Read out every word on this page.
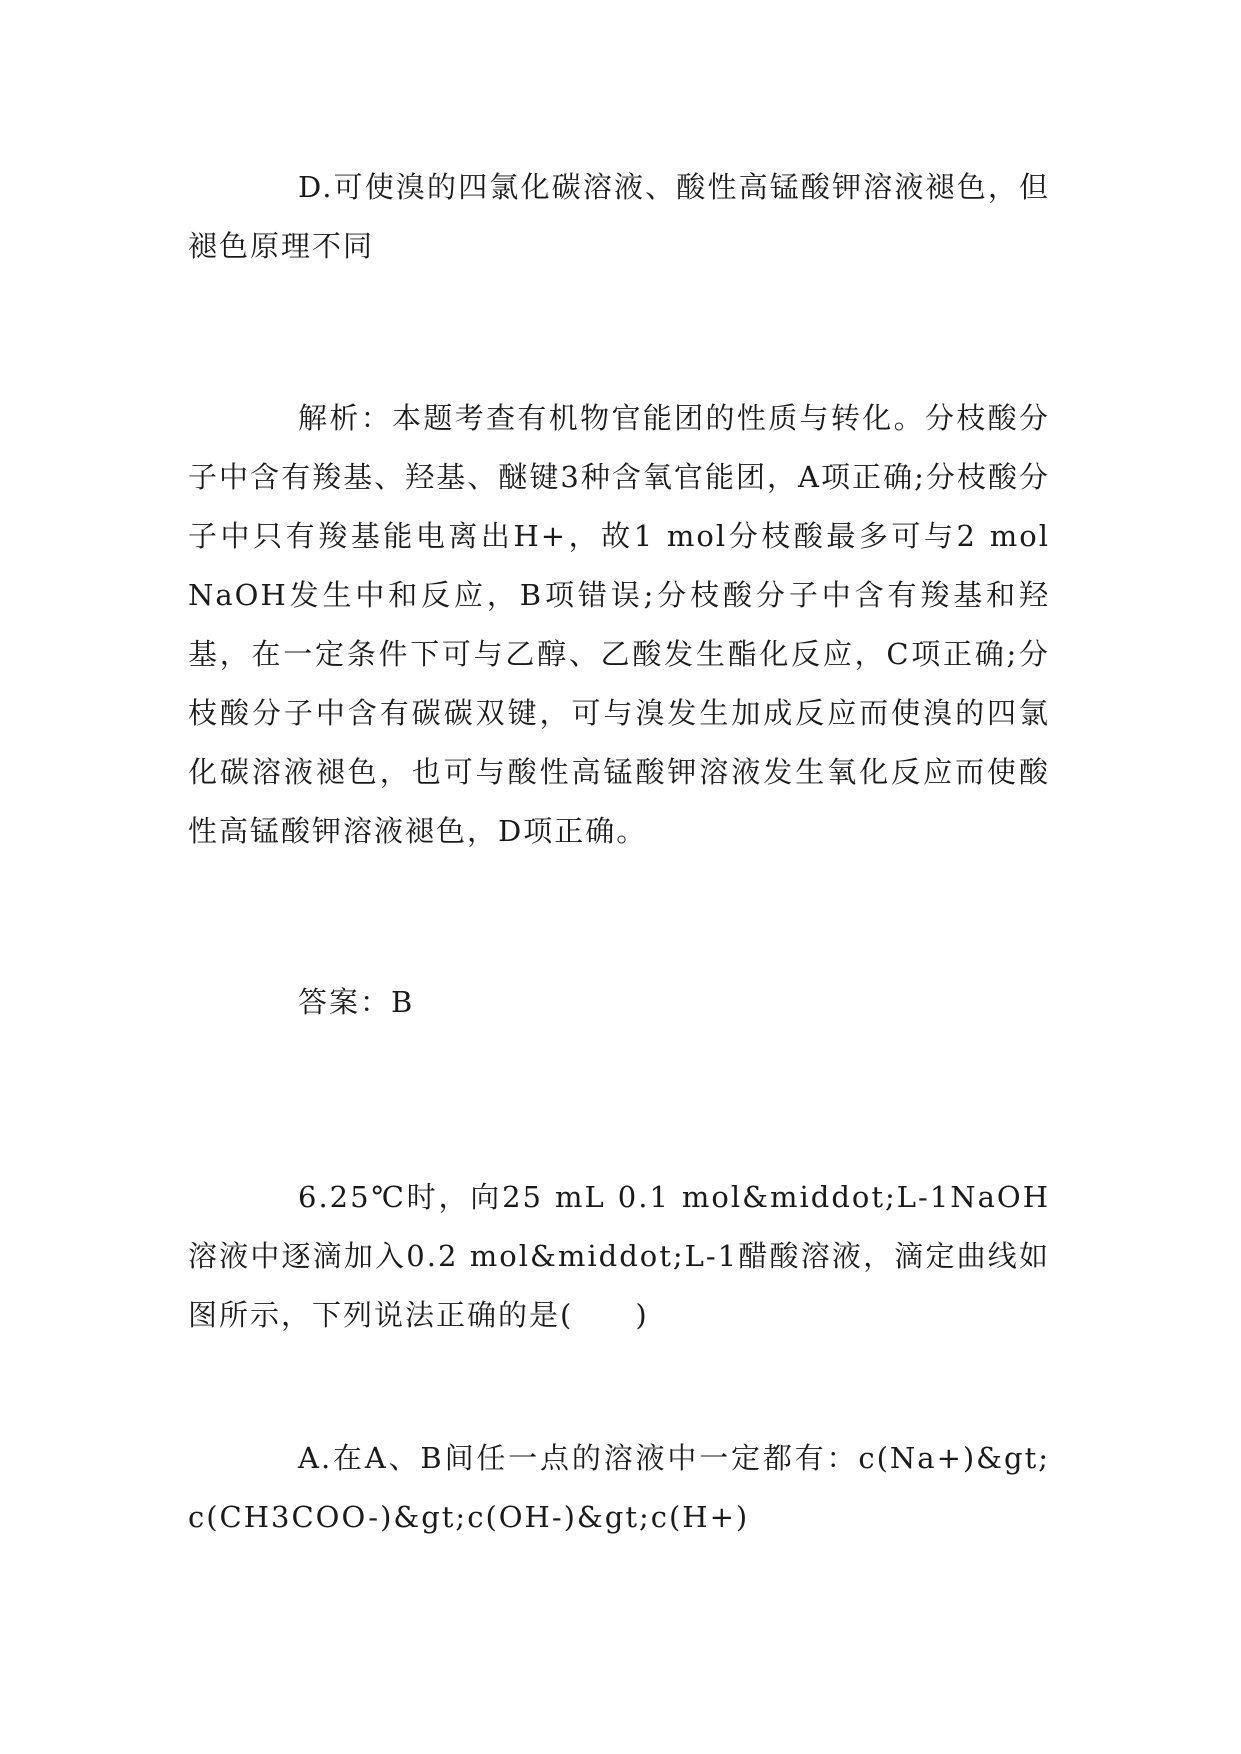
D.可使溴的四氯化碳溶液、酸性高锰酸钾溶液褪色，但褪色原理不同

解析：本题考查有机物官能团的性质与转化。分枝酸分子中含有羧基、羟基、醚键3种含氧官能团，A项正确;分枝酸分子中只有羧基能电离出H+，故1 mol分枝酸最多可与2 mol NaOH发生中和反应，B项错误;分枝酸分子中含有羧基和羟基，在一定条件下可与乙醇、乙酸发生酯化反应，C项正确;分枝酸分子中含有碳碳双键，可与溴发生加成反应而使溴的四氯化碳溶液褪色，也可与酸性高锰酸钾溶液发生氧化反应而使酸性高锰酸钾溶液褪色，D项正确。

答案：B

6.25℃时，向25 mL 0.1 mol&middot;L-1NaOH溶液中逐滴加入0.2 mol&middot;L-1醋酸溶液，滴定曲线如图所示，下列说法正确的是(　　)

A.在A、B间任一点的溶液中一定都有：c(Na+)&gt;c(CH3COO-)&gt;c(OH-)&gt;c(H+)
